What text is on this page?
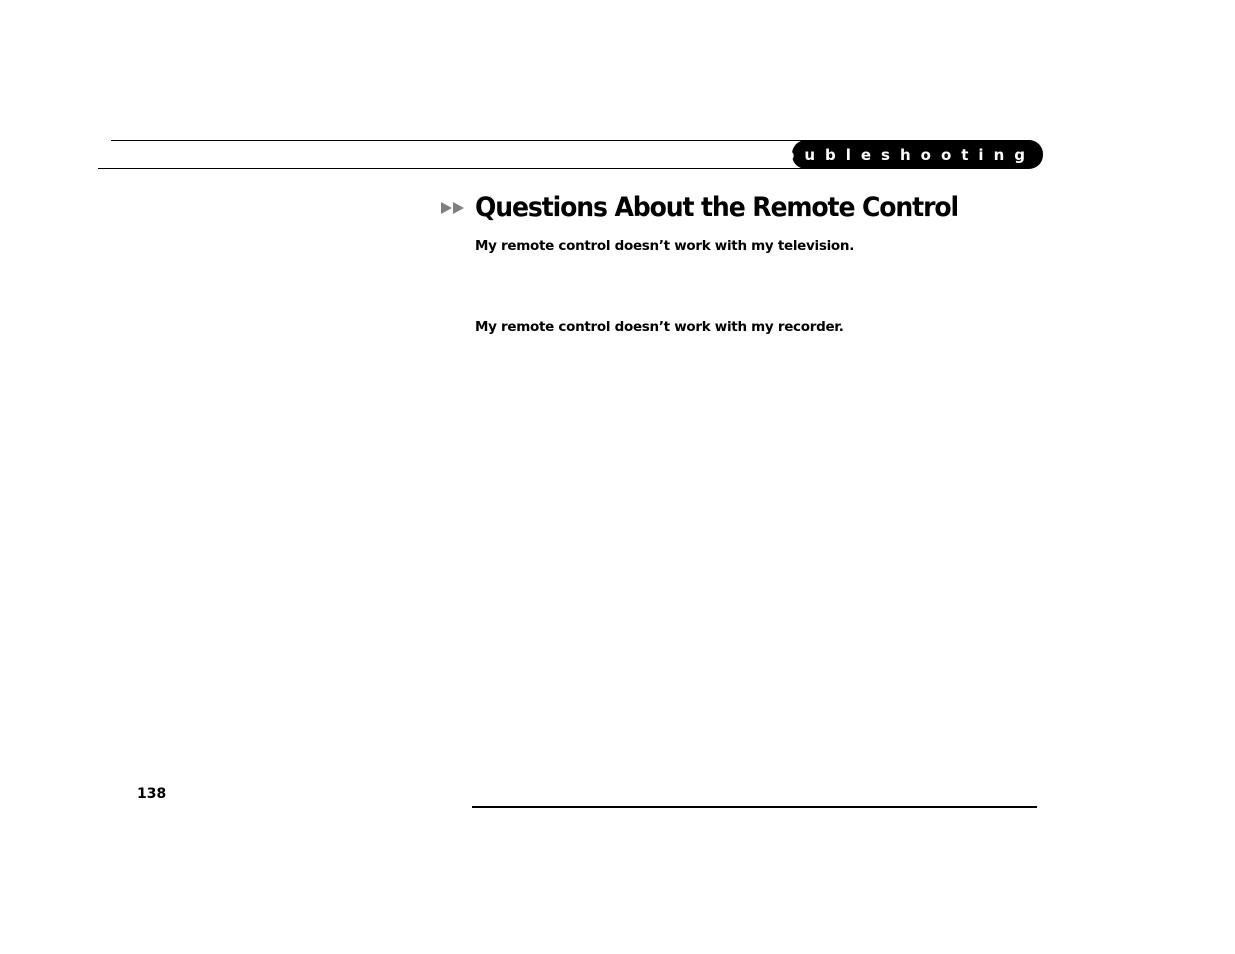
Troubleshooting
Questions About the Remote Control
My remote control doesn’t work with my television.
My remote control doesn’t work with my recorder.
138
